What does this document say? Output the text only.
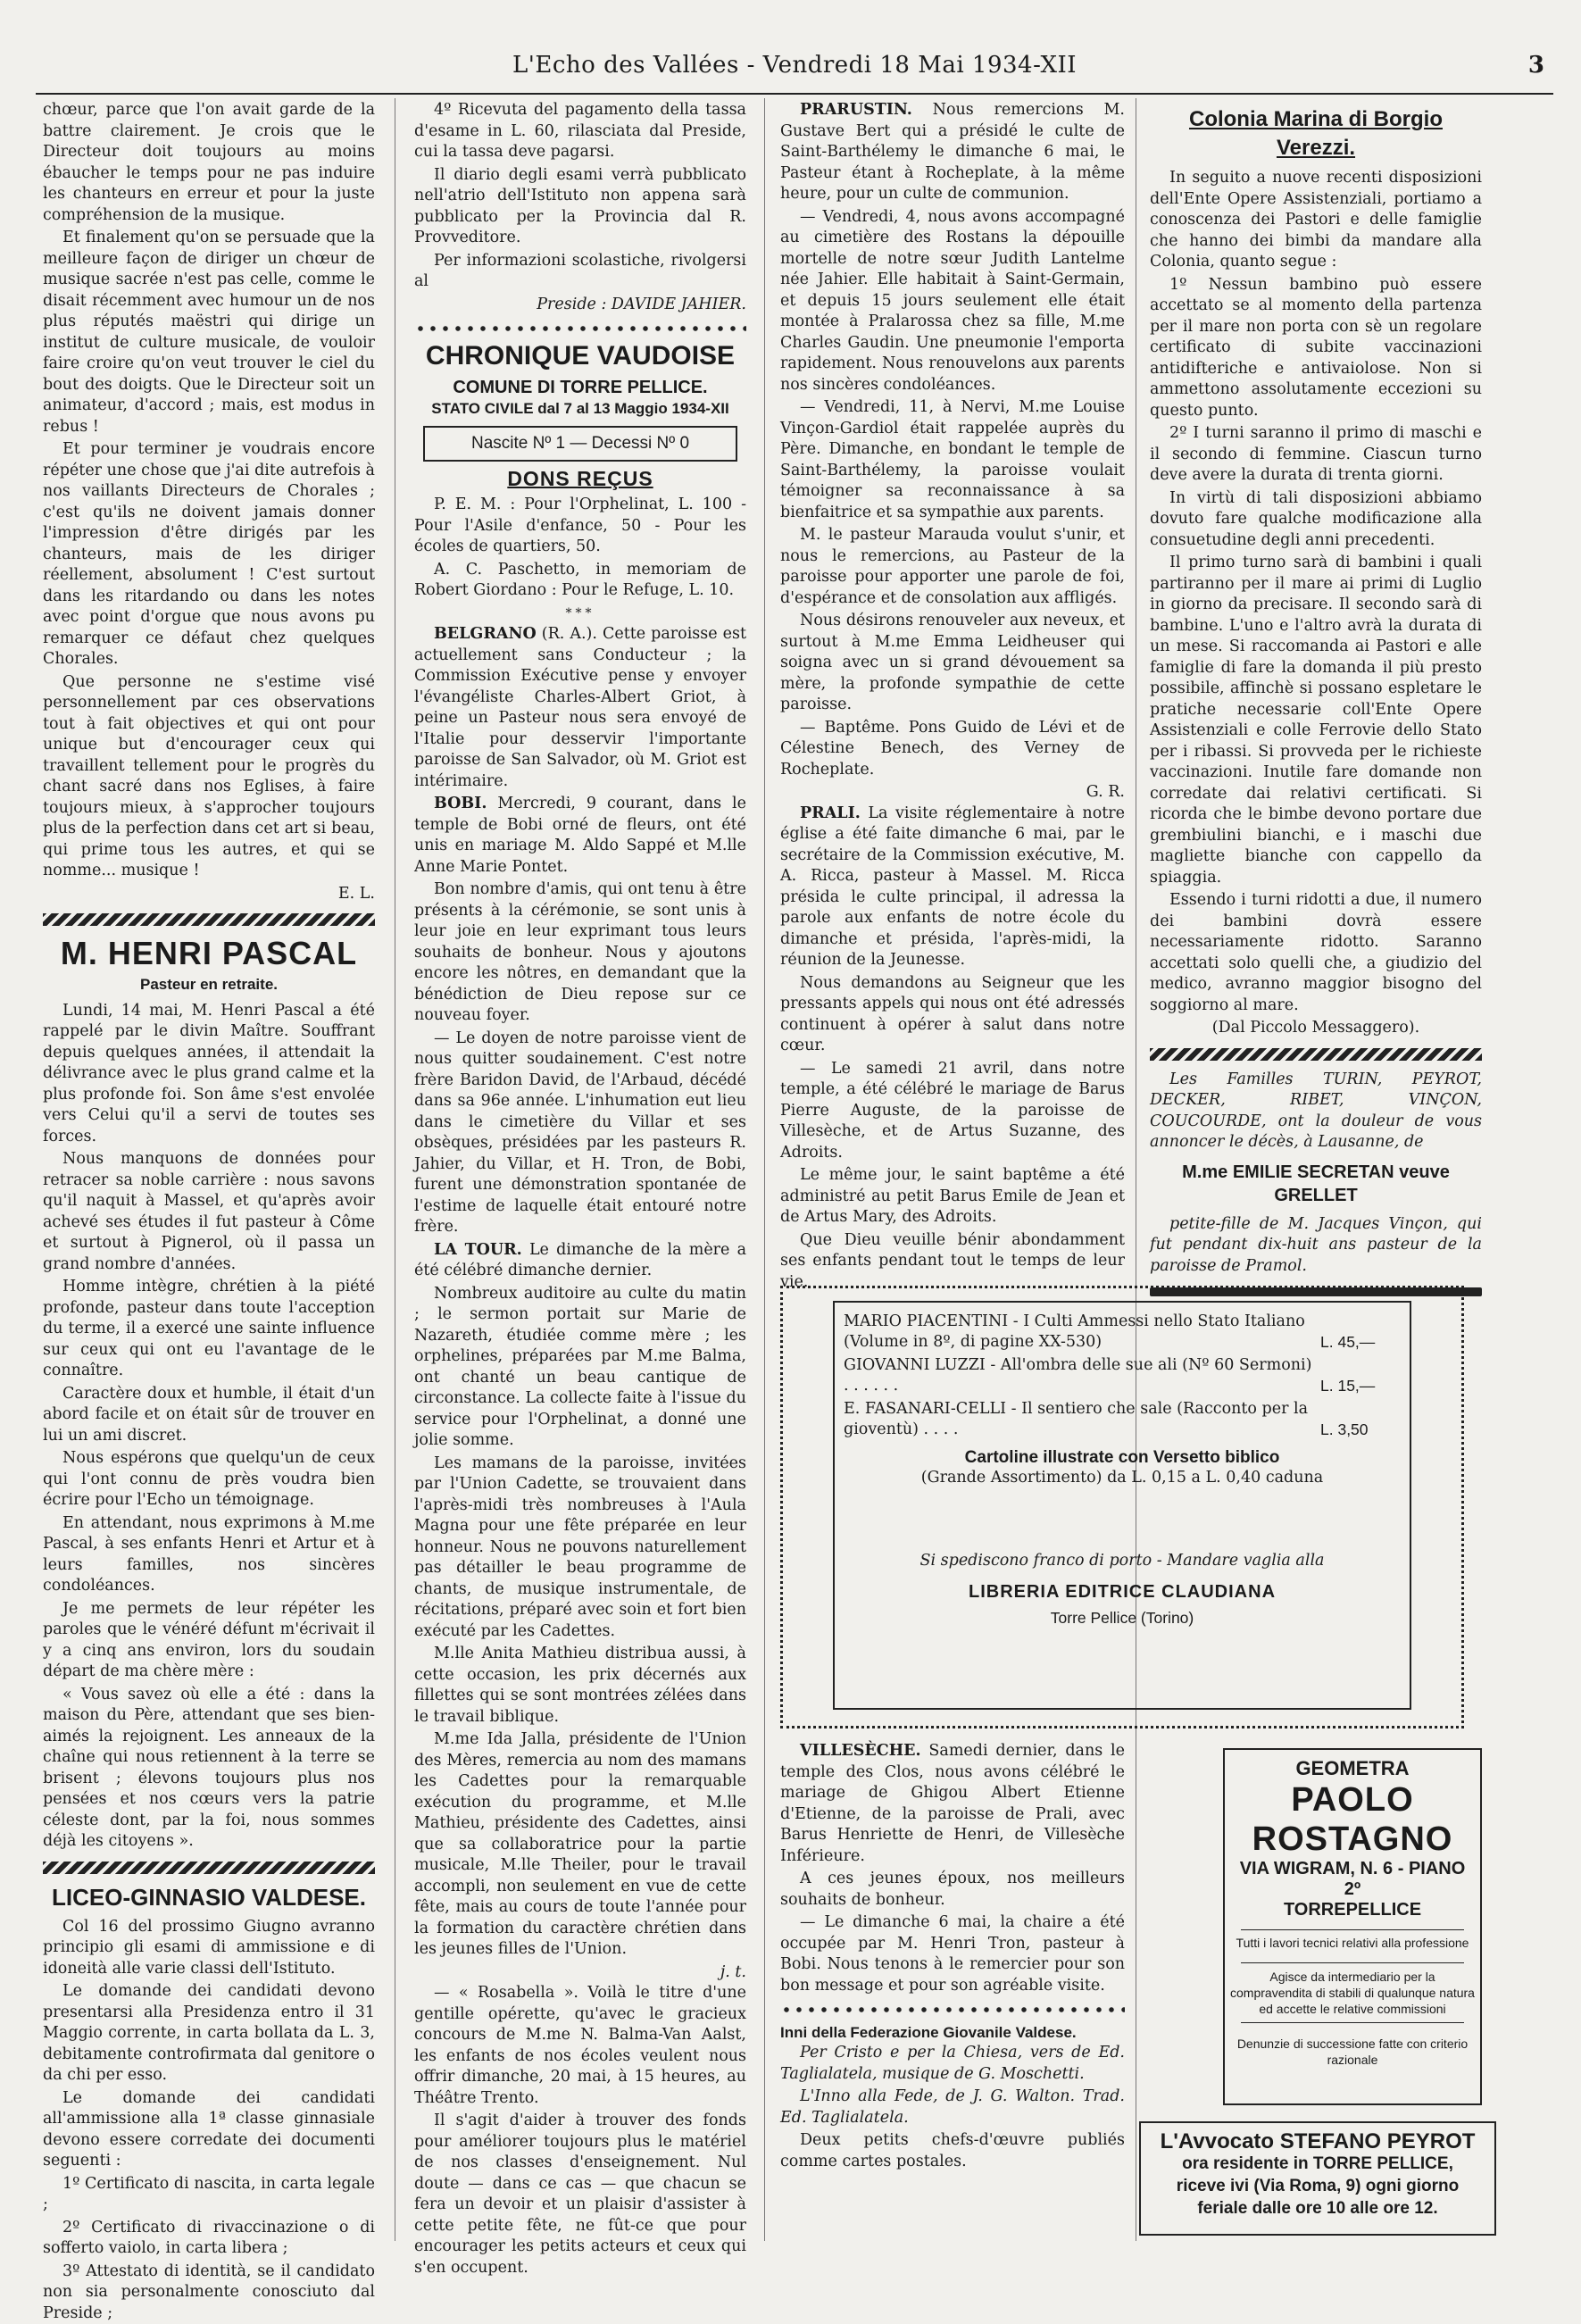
L'Echo des Vallées - Vendredi 18 Mai 1934-XII	3

chœur, parce que l'on avait garde de la battre clairement. Je crois que le Directeur doit toujours au moins ébaucher le temps pour ne pas induire les chanteurs en erreur et pour la juste compréhension de la musique.

Et finalement qu'on se persuade que la meilleure façon de diriger un chœur de musique sacrée n'est pas celle, comme le disait récemment avec humour un de nos plus réputés maëstri qui dirige un institut de culture musicale, de vouloir faire croire qu'on veut trouver le ciel du bout des doigts. Que le Directeur soit un animateur, d'accord ; mais, est modus in rebus !

Et pour terminer je voudrais encore répéter une chose que j'ai dite autrefois à nos vaillants Directeurs de Chorales ; c'est qu'ils ne doivent jamais donner l'impression d'être dirigés par les chanteurs, mais de les diriger réellement, absolument ! C'est surtout dans les ritardando ou dans les notes avec point d'orgue que nous avons pu remarquer ce défaut chez quelques Chorales.

Que personne ne s'estime visé personnellement par ces observations tout à fait objectives et qui ont pour unique but d'encourager ceux qui travaillent tellement pour le progrès du chant sacré dans nos Eglises, à faire toujours mieux, à s'approcher toujours plus de la perfection dans cet art si beau, qui prime tous les autres, et qui se nomme... musique !

E. L.
M. HENRI PASCAL
Pasteur en retraite.

Lundi, 14 mai, M. Henri Pascal a été rappelé par le divin Maître. Souffrant depuis quelques années, il attendait la délivrance avec le plus grand calme et la plus profonde foi. Son âme s'est envolée vers Celui qu'il a servi de toutes ses forces.

Nous manquons de données pour retracer sa noble carrière : nous savons qu'il naquit à Massel, et qu'après avoir achevé ses études il fut pasteur à Côme et surtout à Pignerol, où il passa un grand nombre d'années.

Homme intègre, chrétien à la piété profonde, pasteur dans toute l'acception du terme, il a exercé une sainte influence sur ceux qui ont eu l'avantage de le connaître.

Caractère doux et humble, il était d'un abord facile et on était sûr de trouver en lui un ami discret.

Nous espérons que quelqu'un de ceux qui l'ont connu de près voudra bien écrire pour l'Echo un témoignage.

En attendant, nous exprimons à M.me Pascal, à ses enfants Henri et Artur et à leurs familles, nos sincères condoléances.

Je me permets de leur répéter les paroles que le vénéré défunt m'écrivait il y a cinq ans environ, lors du soudain départ de ma chère mère :

« Vous savez où elle a été : dans la maison du Père, attendant que ses bien-aimés la rejoignent. Les anneaux de la chaîne qui nous retiennent à la terre se brisent ; élevons toujours plus nos pensées et nos cœurs vers la patrie céleste dont, par la foi, nous sommes déjà les citoyens ».

LICEO-GINNASIO VALDESE.

Col 16 del prossimo Giugno avranno principio gli esami di ammissione e di idoneità alle varie classi dell'Istituto.

Le domande dei candidati devono presentarsi alla Presidenza entro il 31 Maggio corrente, in carta bollata da L. 3, debitamente controfirmata dal genitore o da chi per esso.

Le domande dei candidati all'ammissione alla 1ª classe ginnasiale devono essere corredate dei documenti seguenti :

1º Certificato di nascita, in carta legale ;

2º Certificato di rivaccinazione o di sofferto vaiolo, in carta libera ;

3º Attestato di identità, se il candidato non sia personalmente conosciuto dal Preside ;

4º Ricevuta del pagamento della tassa d'esame in L. 60, rilasciata dal Preside, cui la tassa deve pagarsi.

Il diario degli esami verrà pubblicato nell'atrio dell'Istituto non appena sarà pubblicato per la Provincia dal R. Provveditore.

Per informazioni scolastiche, rivolgersi al

Preside : DAVIDE JAHIER.
CHRONIQUE VAUDOISE
COMUNE DI TORRE PELLICE.
STATO CIVILE dal 7 al 13 Maggio 1934-XII
Nascite Nº 1 — Decessi Nº 0
DONS REÇUS

P. E. M. : Pour l'Orphelinat, L. 100 - Pour l'Asile d'enfance, 50 - Pour les écoles de quartiers, 50.

A. C. Paschetto, in memoriam de Robert Giordano : Pour le Refuge, L. 10.

***

BELGRANO (R. A.). Cette paroisse est actuellement sans Conducteur ; la Commission Exécutive pense y envoyer l'évangéliste Charles-Albert Griot, à peine un Pasteur nous sera envoyé de l'Italie pour desservir l'importante paroisse de San Salvador, où M. Griot est intérimaire.

BOBI. Mercredi, 9 courant, dans le temple de Bobi orné de fleurs, ont été unis en mariage M. Aldo Sappé et M.lle Anne Marie Pontet.

Bon nombre d'amis, qui ont tenu à être présents à la cérémonie, se sont unis à leur joie en leur exprimant tous leurs souhaits de bonheur. Nous y ajoutons encore les nôtres, en demandant que la bénédiction de Dieu repose sur ce nouveau foyer.

— Le doyen de notre paroisse vient de nous quitter soudainement. C'est notre frère Baridon David, de l'Arbaud, décédé dans sa 96e année. L'inhumation eut lieu dans le cimetière du Villar et ses obsèques, présidées par les pasteurs R. Jahier, du Villar, et H. Tron, de Bobi, furent une démonstration spontanée de l'estime de laquelle était entouré notre frère.

LA TOUR. Le dimanche de la mère a été célébré dimanche dernier.

Nombreux auditoire au culte du matin ; le sermon portait sur Marie de Nazareth, étudiée comme mère ; les orphelines, préparées par M.me Balma, ont chanté un beau cantique de circonstance. La collecte faite à l'issue du service pour l'Orphelinat, a donné une jolie somme.

Les mamans de la paroisse, invitées par l'Union Cadette, se trouvaient dans l'après-midi très nombreuses à l'Aula Magna pour une fête préparée en leur honneur. Nous ne pouvons naturellement pas détailler le beau programme de chants, de musique instrumentale, de récitations, préparé avec soin et fort bien exécuté par les Cadettes.

M.lle Anita Mathieu distribua aussi, à cette occasion, les prix décernés aux fillettes qui se sont montrées zélées dans le travail biblique.

M.me Ida Jalla, présidente de l'Union des Mères, remercia au nom des mamans les Cadettes pour la remarquable exécution du programme, et M.lle Mathieu, présidente des Cadettes, ainsi que sa collaboratrice pour la partie musicale, M.lle Theiler, pour le travail accompli, non seulement en vue de cette fête, mais au cours de toute l'année pour la formation du caractère chrétien dans les jeunes filles de l'Union.

j. t.

— « Rosabella ». Voilà le titre d'une gentille opérette, qu'avec le gracieux concours de M.me N. Balma-Van Aalst, les enfants de nos écoles veulent nous offrir dimanche, 20 mai, à 15 heures, au Théâtre Trento.

Il s'agit d'aider à trouver des fonds pour améliorer toujours plus le matériel de nos classes d'enseignement. Nul doute — dans ce cas — que chacun se fera un devoir et un plaisir d'assister à cette petite fête, ne fût-ce que pour encourager les petits acteurs et ceux qui s'en occupent.

PRARUSTIN. Nous remercions M. Gustave Bert qui a présidé le culte de Saint-Barthélemy le dimanche 6 mai, le Pasteur étant à Rocheplate, à la même heure, pour un culte de communion.

— Vendredi, 4, nous avons accompagné au cimetière des Rostans la dépouille mortelle de notre sœur Judith Lantelme née Jahier. Elle habitait à Saint-Germain, et depuis 15 jours seulement elle était montée à Pralarossa chez sa fille, M.me Charles Gaudin. Une pneumonie l'emporta rapidement. Nous renouvelons aux parents nos sincères condoléances.

— Vendredi, 11, à Nervi, M.me Louise Vinçon-Gardiol était rappelée auprès du Père. Dimanche, en bondant le temple de Saint-Barthélemy, la paroisse voulait témoigner sa reconnaissance à sa bienfaitrice et sa sympathie aux parents.

M. le pasteur Marauda voulut s'unir, et nous le remercions, au Pasteur de la paroisse pour apporter une parole de foi, d'espérance et de consolation aux affligés.

Nous désirons renouveler aux neveux, et surtout à M.me Emma Leidheuser qui soigna avec un si grand dévouement sa mère, la profonde sympathie de cette paroisse.

— Baptême. Pons Guido de Lévi et de Célestine Benech, des Verney de Rocheplate.

G. R.

PRALI. La visite réglementaire à notre église a été faite dimanche 6 mai, par le secrétaire de la Commission exécutive, M. A. Ricca, pasteur à Massel. M. Ricca présida le culte principal, il adressa la parole aux enfants de notre école du dimanche et présida, l'après-midi, la réunion de la Jeunesse.

Nous demandons au Seigneur que les pressants appels qui nous ont été adressés continuent à opérer à salut dans notre cœur.

— Le samedi 21 avril, dans notre temple, a été célébré le mariage de Barus Pierre Auguste, de la paroisse de Villesèche, et de Artus Suzanne, des Adroits.

Le même jour, le saint baptême a été administré au petit Barus Emile de Jean et de Artus Mary, des Adroits.

Que Dieu veuille bénir abondamment ses enfants pendant tout le temps de leur vie.

Colonia Marina di Borgio Verezzi.

In seguito a nuove recenti disposizioni dell'Ente Opere Assistenziali, portiamo a conoscenza dei Pastori e delle famiglie che hanno dei bimbi da mandare alla Colonia, quanto segue :

1º Nessun bambino può essere accettato se al momento della partenza per il mare non porta con sè un regolare certificato di subite vaccinazioni antidifteriche e antivaiolose. Non si ammettono assolutamente eccezioni su questo punto.

2º I turni saranno il primo di maschi e il secondo di femmine. Ciascun turno deve avere la durata di trenta giorni.

In virtù di tali disposizioni abbiamo dovuto fare qualche modificazione alla consuetudine degli anni precedenti.

Il primo turno sarà di bambini i quali partiranno per il mare ai primi di Luglio in giorno da precisare. Il secondo sarà di bambine. L'uno e l'altro avrà la durata di un mese. Si raccomanda ai Pastori e alle famiglie di fare la domanda il più presto possibile, affinchè si possano espletare le pratiche necessarie coll'Ente Opere Assistenziali e colle Ferrovie dello Stato per i ribassi. Si provveda per le richieste vaccinazioni. Inutile fare domande non corredate dai relativi certificati. Si ricorda che le bimbe devono portare due grembiulini bianchi, e i maschi due magliette bianche con cappello da spiaggia.

Essendo i turni ridotti a due, il numero dei bambini dovrà essere necessariamente ridotto. Saranno accettati solo quelli che, a giudizio del medico, avranno maggior bisogno del soggiorno al mare.

(Dal Piccolo Messaggero).

Les Familles TURIN, PEYROT, DECKER, RIBET, VINÇON, COUCOURDE, ont la douleur de vous annoncer le décès, à Lausanne, de

M.me EMILIE SECRETAN veuve GRELLET

petite-fille de M. Jacques Vinçon, qui fut pendant dix-huit ans pasteur de la paroisse de Pramol.

MARIO PIACENTINI - I Culti Ammessi nello Stato Italiano (Volume in 8º, di pagine XX-530)	L. 45,—
GIOVANNI LUZZI - All'ombra delle sue ali (Nº 60 Sermoni) . . . . . .	L. 15,—
E. FASANARI-CELLI - Il sentiero che sale (Racconto per la gioventù) . . . .	L. 3,50
Cartoline illustrate con Versetto biblico
(Grande Assortimento) da L. 0,15 a L. 0,40 caduna
Si spediscono franco di porto - Mandare vaglia alla
LIBRERIA EDITRICE CLAUDIANA
Torre Pellice (Torino)

VILLESÈCHE. Samedi dernier, dans le temple des Clos, nous avons célébré le mariage de Ghigou Albert Etienne d'Etienne, de la paroisse de Prali, avec Barus Henriette de Henri, de Villesèche Inférieure.

A ces jeunes époux, nos meilleurs souhaits de bonheur.

— Le dimanche 6 mai, la chaire a été occupée par M. Henri Tron, pasteur à Bobi. Nous tenons à le remercier pour son bon message et pour son agréable visite.

Inni della Federazione Giovanile Valdese.

Per Cristo e per la Chiesa, vers de Ed. Taglialatela, musique de G. Moschetti.

L'Inno alla Fede, de J. G. Walton. Trad. Ed. Taglialatela.

Deux petits chefs-d'œuvre publiés comme cartes postales.

GEOMETRA
PAOLO ROSTAGNO
VIA WIGRAM, N. 6 - PIANO 2º
TORREPELLICE
Tutti i lavori tecnici relativi alla professione
Agisce da intermediario per la compravendita di stabili di qualunque natura ed accette le relative commissioni
Denunzie di successione fatte con criterio razionale
L'Avvocato STEFANO PEYROT
ora residente in TORRE PELLICE,
riceve ivi (Via Roma, 9) ogni giorno
feriale dalle ore 10 alle ore 12.
